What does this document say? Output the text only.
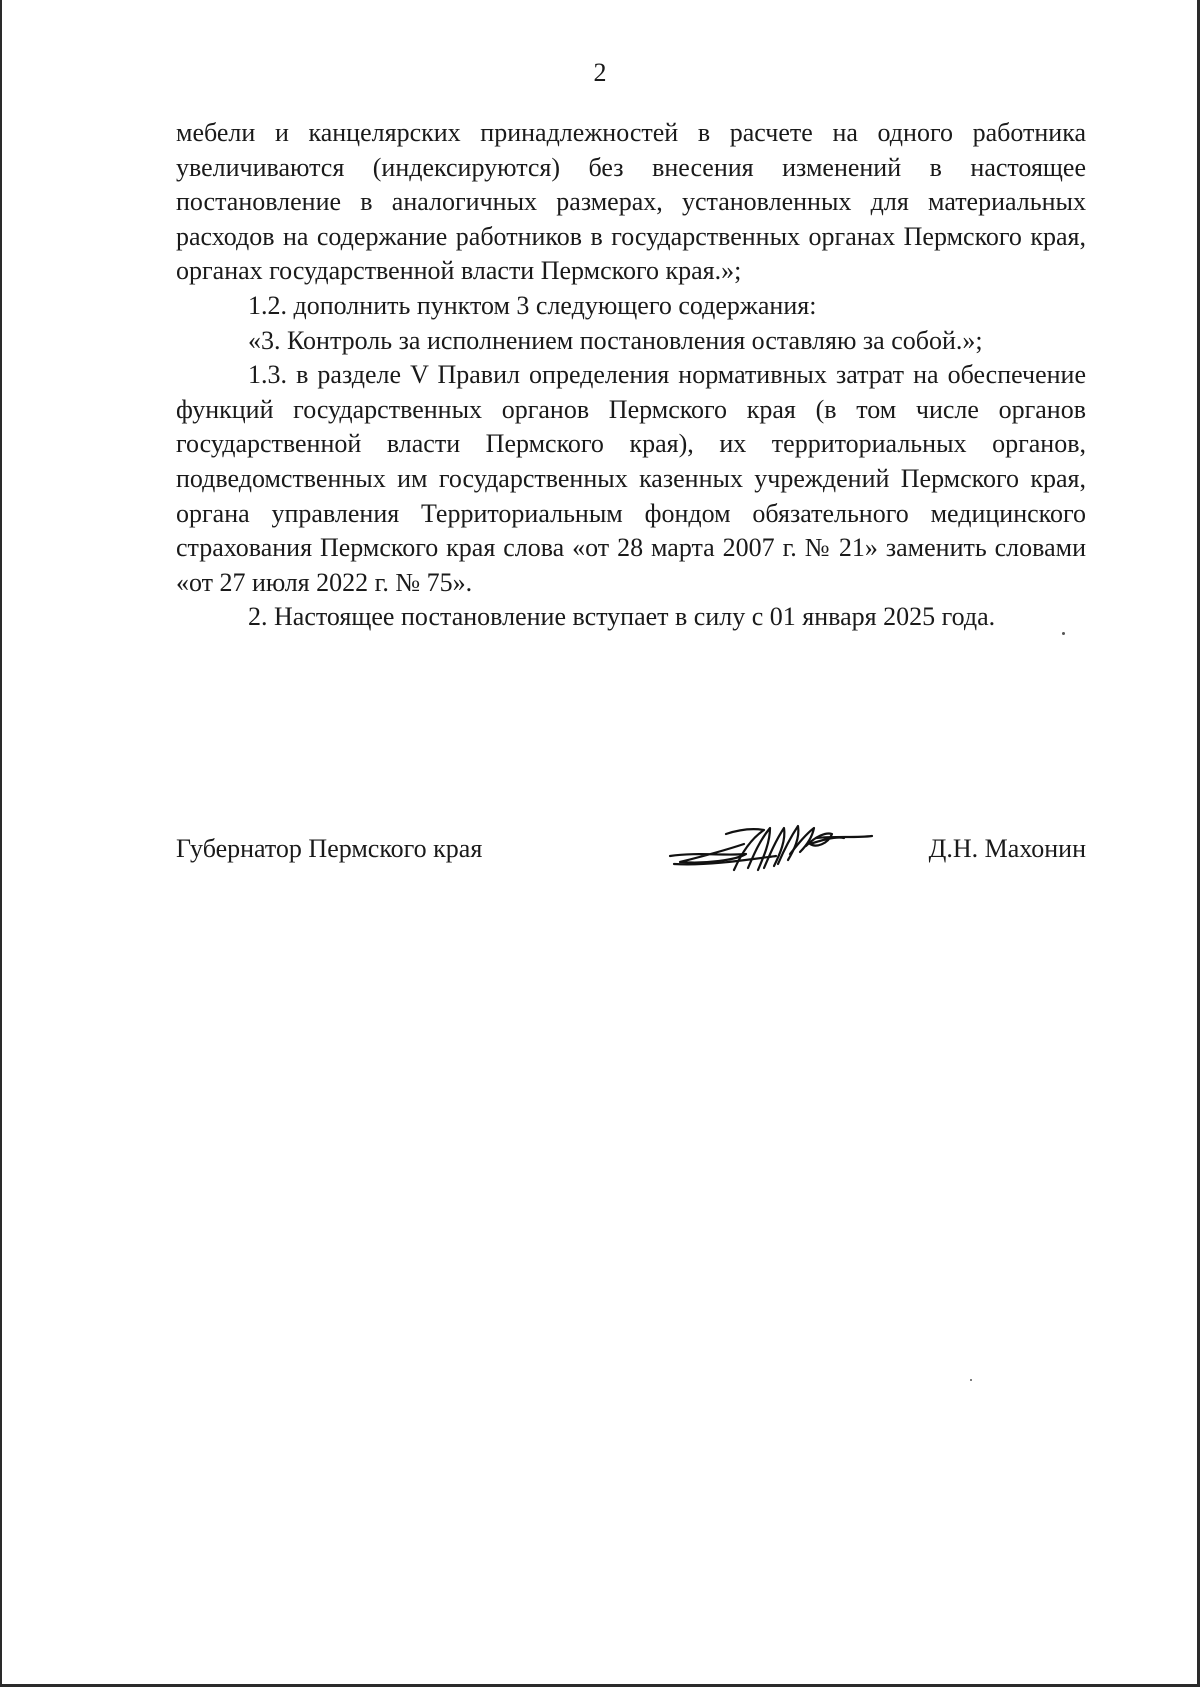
2

мебели и канцелярских принадлежностей в расчете на одного работника увеличиваются (индексируются) без внесения изменений в настоящее постановление в аналогичных размерах, установленных для материальных расходов на содержание работников в государственных органах Пермского края, органах государственной власти Пермского края.»;

1.2. дополнить пунктом 3 следующего содержания:

«3. Контроль за исполнением постановления оставляю за собой.»;

1.3. в разделе V Правил определения нормативных затрат на обеспечение функций государственных органов Пермского края (в том числе органов государственной власти Пермского края), их территориальных органов, подведомственных им государственных казенных учреждений Пермского края, органа управления Территориальным фондом обязательного медицинского страхования Пермского края слова «от 28 марта 2007 г. № 21» заменить словами «от 27 июля 2022 г. № 75».

2. Настоящее постановление вступает в силу с 01 января 2025 года.

Губернатор Пермского края	Д.Н. Махонин
